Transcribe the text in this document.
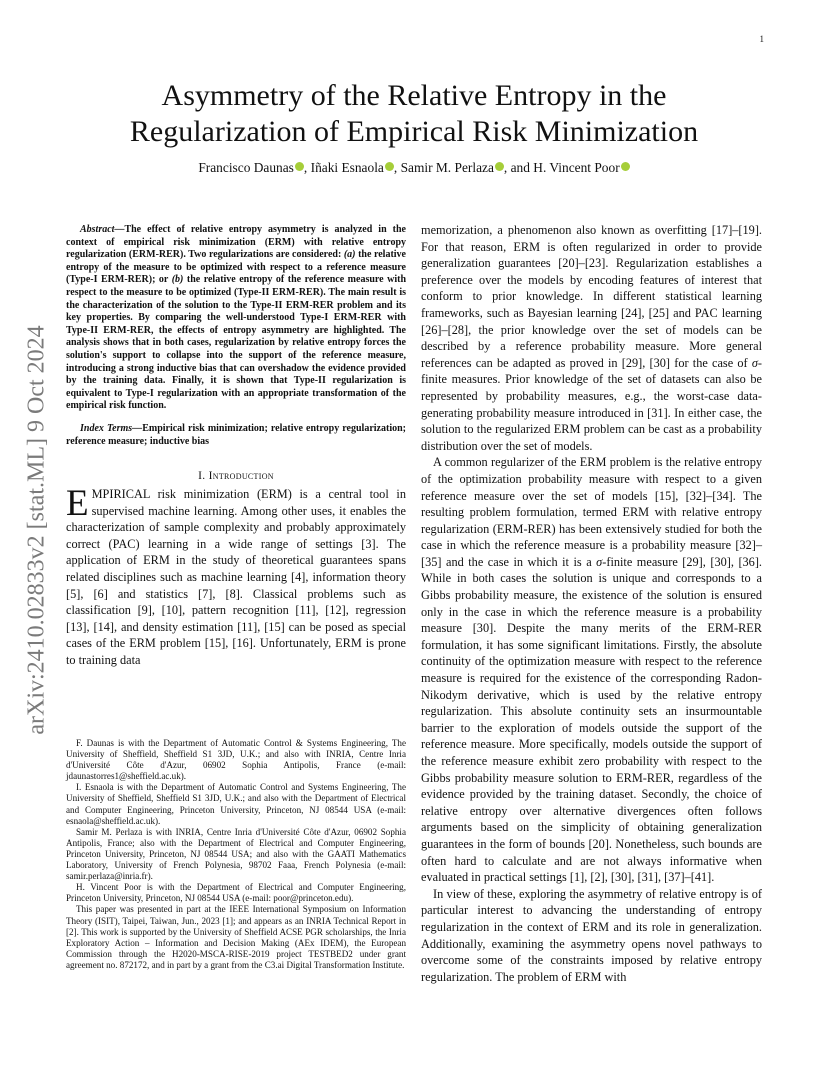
1
arXiv:2410.02833v2 [stat.ML] 9 Oct 2024
Asymmetry of the Relative Entropy in the
Regularization of Empirical Risk Minimization
Francisco Daunas , Iñaki Esnaola , Samir M. Perlaza , and H. Vincent Poor

Abstract—The effect of relative entropy asymmetry is analyzed in the context of empirical risk minimization (ERM) with relative entropy regularization (ERM-RER). Two regularizations are considered: (a) the relative entropy of the measure to be optimized with respect to a reference measure (Type-I ERM-RER); or (b) the relative entropy of the reference measure with respect to the measure to be optimized (Type-II ERM-RER). The main result is the characterization of the solution to the Type-II ERM-RER problem and its key properties. By comparing the well-understood Type-I ERM-RER with Type-II ERM-RER, the effects of entropy asymmetry are highlighted. The analysis shows that in both cases, regularization by relative entropy forces the solution's support to collapse into the support of the reference measure, introducing a strong inductive bias that can overshadow the evidence provided by the training data. Finally, it is shown that Type-II regularization is equivalent to Type-I regularization with an appropriate transformation of the empirical risk function.

Index Terms—Empirical risk minimization; relative entropy regularization; reference measure; inductive bias

I. Introduction

EMPIRICAL risk minimization (ERM) is a central tool in supervised machine learning. Among other uses, it enables the characterization of sample complexity and probably approximately correct (PAC) learning in a wide range of settings [3]. The application of ERM in the study of theoretical guarantees spans related disciplines such as machine learning [4], information theory [5], [6] and statistics [7], [8]. Classical problems such as classification [9], [10], pattern recognition [11], [12], regression [13], [14], and density estimation [11], [15] can be posed as special cases of the ERM problem [15], [16]. Unfortunately, ERM is prone to training data

F. Daunas is with the Department of Automatic Control & Systems Engineering, The University of Sheffield, Sheffield S1 3JD, U.K.; and also with INRIA, Centre Inria d'Université Côte d'Azur, 06902 Sophia Antipolis, France (e-mail: jdaunastorres1@sheffield.ac.uk).

I. Esnaola is with the Department of Automatic Control and Systems Engineering, The University of Sheffield, Sheffield S1 3JD, U.K.; and also with the Department of Electrical and Computer Engineering, Princeton University, Princeton, NJ 08544 USA (e-mail: esnaola@sheffield.ac.uk).

Samir M. Perlaza is with INRIA, Centre Inria d'Université Côte d'Azur, 06902 Sophia Antipolis, France; also with the Department of Electrical and Computer Engineering, Princeton University, Princeton, NJ 08544 USA; and also with the GAATI Mathematics Laboratory, University of French Polynesia, 98702 Faaa, French Polynesia (e-mail: samir.perlaza@inria.fr).

H. Vincent Poor is with the Department of Electrical and Computer Engineering, Princeton University, Princeton, NJ 08544 USA (e-mail: poor@princeton.edu).

This paper was presented in part at the IEEE International Symposium on Information Theory (ISIT), Taipei, Taiwan, Jun., 2023 [1]; and appears as an INRIA Technical Report in [2]. This work is supported by the University of Sheffield ACSE PGR scholarships, the Inria Exploratory Action – Information and Decision Making (AEx IDEM), the European Commission through the H2020-MSCA-RISE-2019 project TESTBED2 under grant agreement no. 872172, and in part by a grant from the C3.ai Digital Transformation Institute.

memorization, a phenomenon also known as overfitting [17]–[19]. For that reason, ERM is often regularized in order to provide generalization guarantees [20]–[23]. Regularization establishes a preference over the models by encoding features of interest that conform to prior knowledge. In different statistical learning frameworks, such as Bayesian learning [24], [25] and PAC learning [26]–[28], the prior knowledge over the set of models can be described by a reference probability measure. More general references can be adapted as proved in [29], [30] for the case of σ-finite measures. Prior knowledge of the set of datasets can also be represented by probability measures, e.g., the worst-case data-generating probability measure introduced in [31]. In either case, the solution to the regularized ERM problem can be cast as a probability distribution over the set of models.

A common regularizer of the ERM problem is the relative entropy of the optimization probability measure with respect to a given reference measure over the set of models [15], [32]–[34]. The resulting problem formulation, termed ERM with relative entropy regularization (ERM-RER) has been extensively studied for both the case in which the reference measure is a probability measure [32]–[35] and the case in which it is a σ-finite measure [29], [30], [36]. While in both cases the solution is unique and corresponds to a Gibbs probability measure, the existence of the solution is ensured only in the case in which the reference measure is a probability measure [30]. Despite the many merits of the ERM-RER formulation, it has some significant limitations. Firstly, the absolute continuity of the optimization measure with respect to the reference measure is required for the existence of the corresponding Radon-Nikodym derivative, which is used by the relative entropy regularization. This absolute continuity sets an insurmountable barrier to the exploration of models outside the support of the reference measure. More specifically, models outside the support of the reference measure exhibit zero probability with respect to the Gibbs probability measure solution to ERM-RER, regardless of the evidence provided by the training dataset. Secondly, the choice of relative entropy over alternative divergences often follows arguments based on the simplicity of obtaining generalization guarantees in the form of bounds [20]. Nonetheless, such bounds are often hard to calculate and are not always informative when evaluated in practical settings [1], [2], [30], [31], [37]–[41].

In view of these, exploring the asymmetry of relative entropy is of particular interest to advancing the understanding of entropy regularization in the context of ERM and its role in generalization. Additionally, examining the asymmetry opens novel pathways to overcome some of the constraints imposed by relative entropy regularization. The problem of ERM with
